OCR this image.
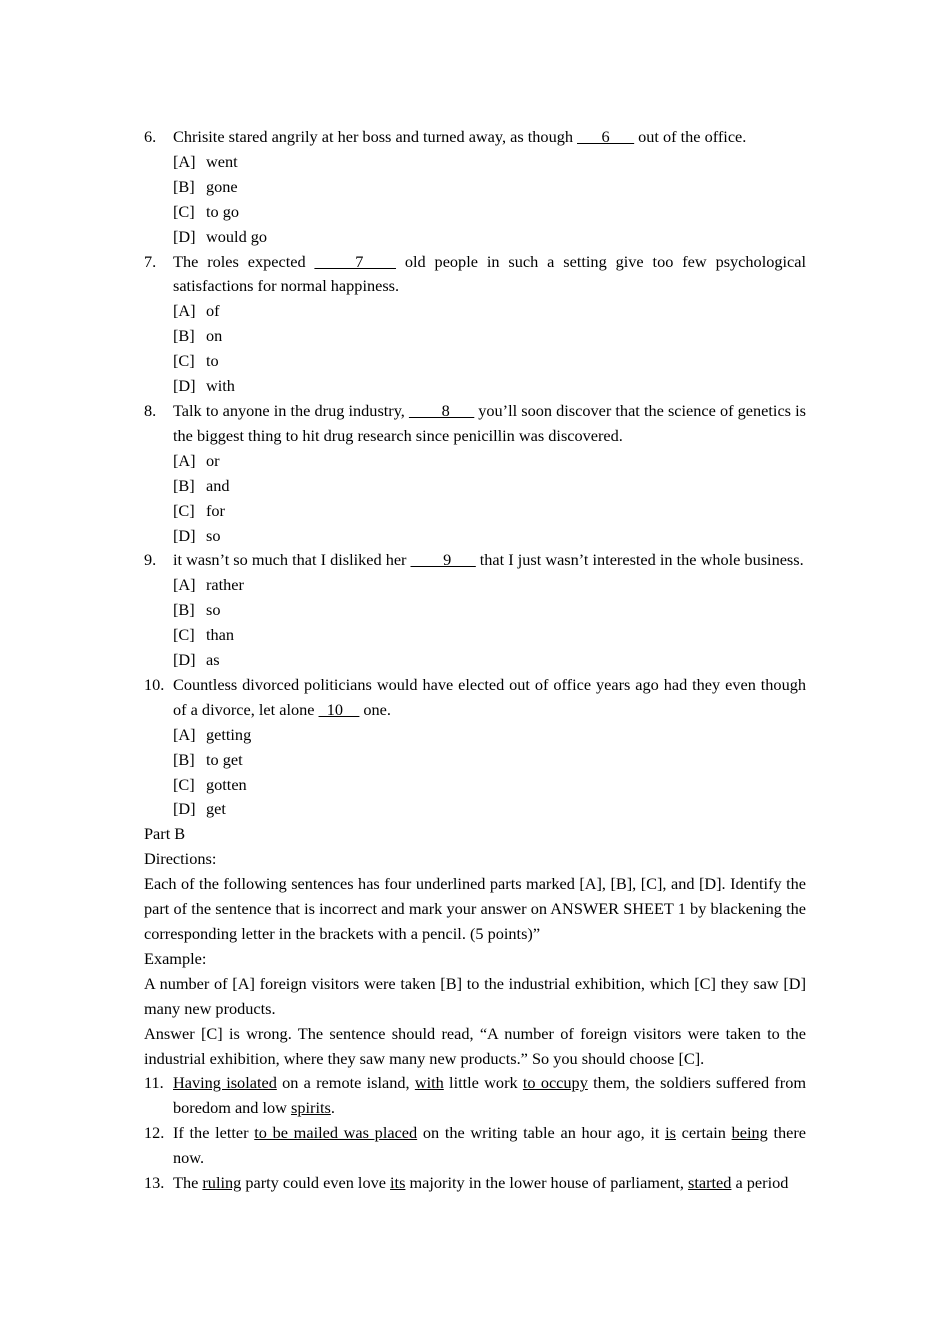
6. Chrisite stared angrily at her boss and turned away, as though ___6___ out of the office.
[A] went
[B] gone
[C] to go
[D] would go
7. The roles expected _____7____ old people in such a setting give too few psychological satisfactions for normal happiness.
[A] of
[B] on
[C] to
[D] with
8. Talk to anyone in the drug industry, ____8___ you’ll soon discover that the science of genetics is the biggest thing to hit drug research since penicillin was discovered.
[A] or
[B] and
[C] for
[D] so
9. it wasn’t so much that I disliked her ____9___ that I just wasn’t interested in the whole business.
[A] rather
[B] so
[C] than
[D] as
10. Countless divorced politicians would have elected out of office years ago had they even though of a divorce, let alone _10__ one.
[A] getting
[B] to get
[C] gotten
[D] get
Part B
Directions:
Each of the following sentences has four underlined parts marked [A], [B], [C], and [D]. Identify the part of the sentence that is incorrect and mark your answer on ANSWER SHEET 1 by blackening the corresponding letter in the brackets with a pencil. (5 points)”
Example:
A number of [A] foreign visitors were taken [B] to the industrial exhibition, which [C] they saw [D] many new products.
Answer [C] is wrong. The sentence should read, “A number of foreign visitors were taken to the industrial exhibition, where they saw many new products.” So you should choose [C].
11. Having isolated on a remote island, with little work to occupy them, the soldiers suffered from boredom and low spirits.
12. If the letter to be mailed was placed on the writing table an hour ago, it is certain being there now.
13. The ruling party could even love its majority in the lower house of parliament, started a period
